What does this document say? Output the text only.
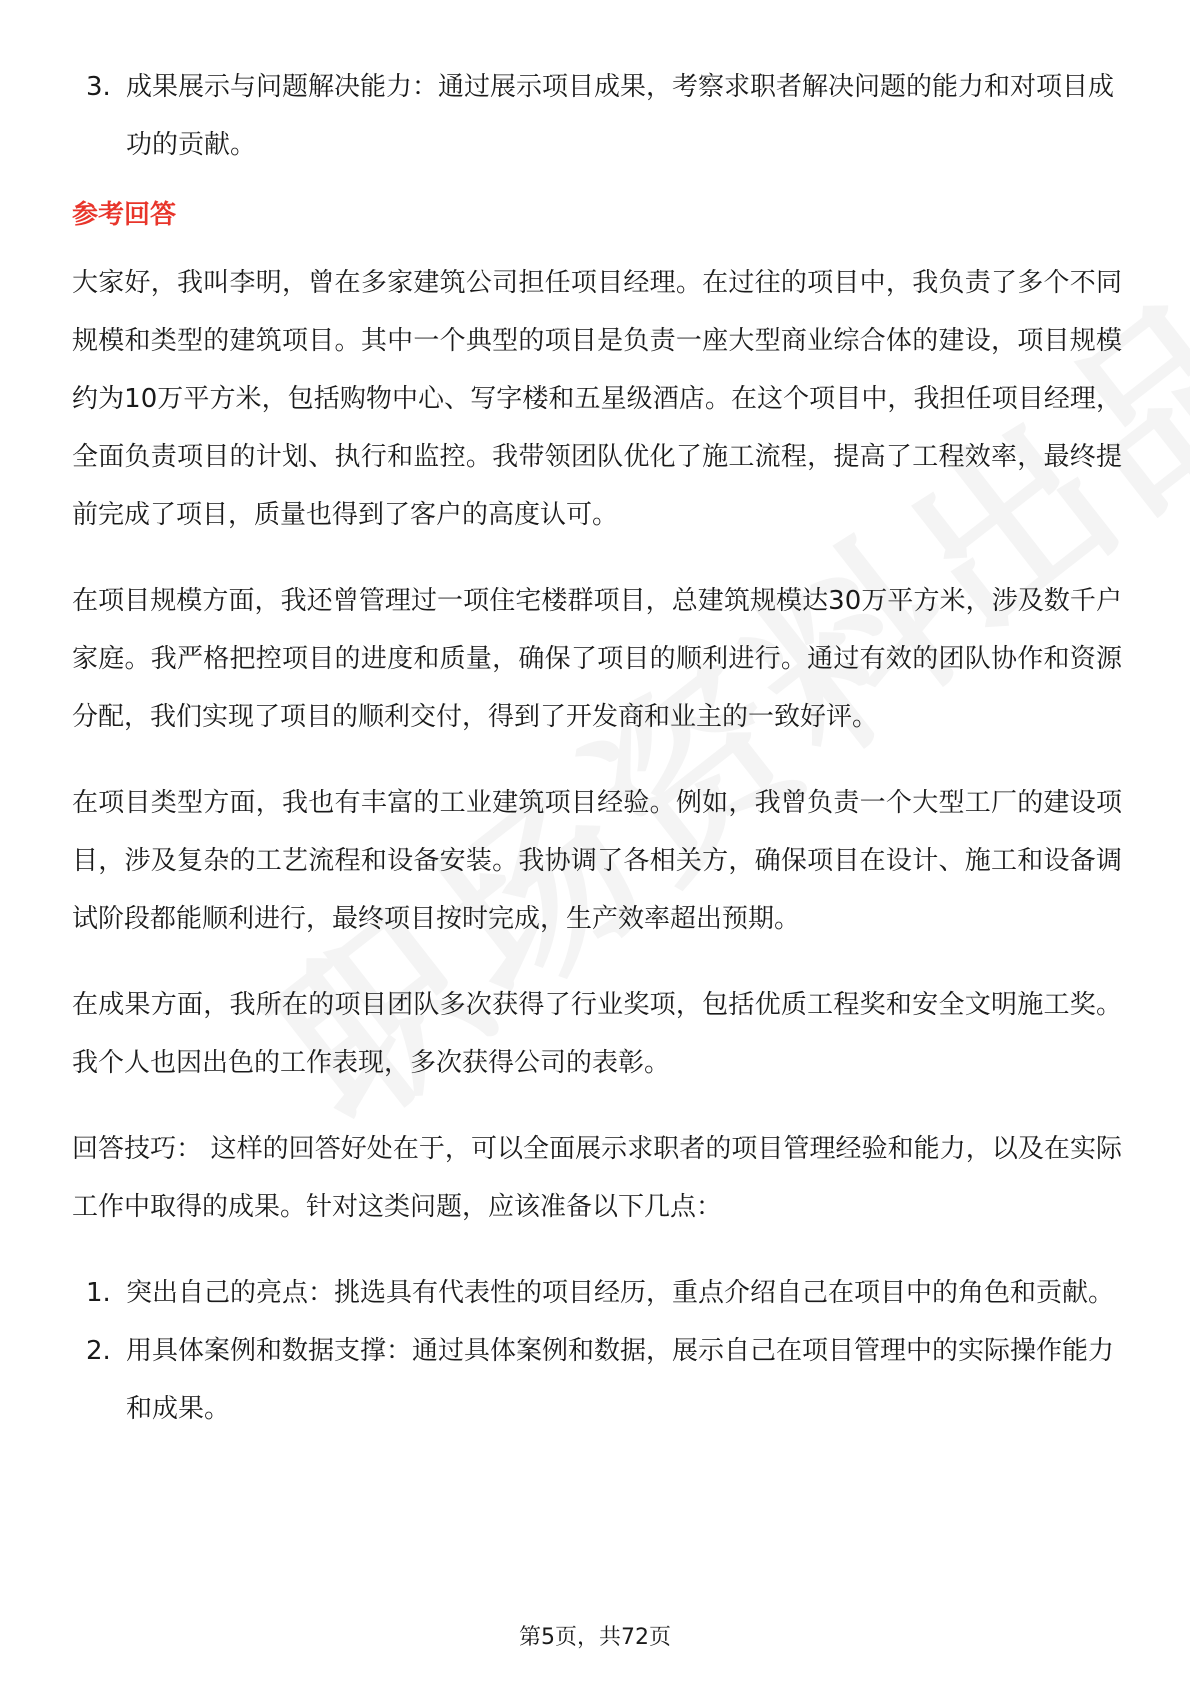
3. 成果展示与问题解决能力：通过展示项目成果，考察求职者解决问题的能力和对项目成功的贡献。
参考回答

大家好，我叫李明，曾在多家建筑公司担任项目经理。在过往的项目中，我负责了多个不同规模和类型的建筑项目。其中一个典型的项目是负责一座大型商业综合体的建设，项目规模约为10万平方米，包括购物中心、写字楼和五星级酒店。在这个项目中，我担任项目经理，全面负责项目的计划、执行和监控。我带领团队优化了施工流程，提高了工程效率，最终提前完成了项目，质量也得到了客户的高度认可。

在项目规模方面，我还曾管理过一项住宅楼群项目，总建筑规模达30万平方米，涉及数千户家庭。我严格把控项目的进度和质量，确保了项目的顺利进行。通过有效的团队协作和资源分配，我们实现了项目的顺利交付，得到了开发商和业主的一致好评。

在项目类型方面，我也有丰富的工业建筑项目经验。例如，我曾负责一个大型工厂的建设项目，涉及复杂的工艺流程和设备安装。我协调了各相关方，确保项目在设计、施工和设备调试阶段都能顺利进行，最终项目按时完成，生产效率超出预期。

在成果方面，我所在的项目团队多次获得了行业奖项，包括优质工程奖和安全文明施工奖。我个人也因出色的工作表现，多次获得公司的表彰。

回答技巧： 这样的回答好处在于，可以全面展示求职者的项目管理经验和能力，以及在实际工作中取得的成果。针对这类问题，应该准备以下几点：

1. 突出自己的亮点：挑选具有代表性的项目经历，重点介绍自己在项目中的角色和贡献。
2. 用具体案例和数据支撑：通过具体案例和数据，展示自己在项目管理中的实际操作能力和成果。
第5页，共72页
